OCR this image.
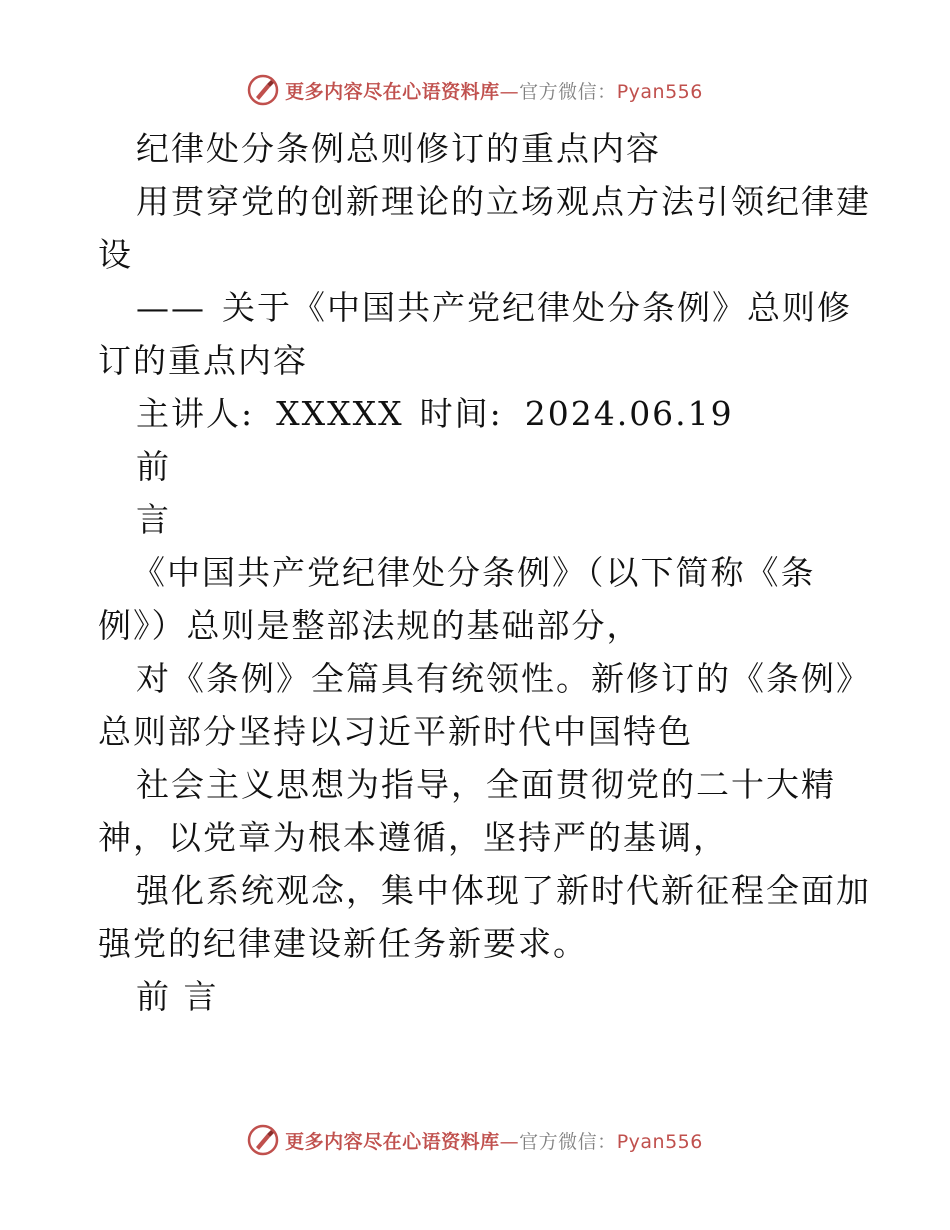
更多内容尽在心语资料库—官方微信：Pyan556
纪律处分条例总则修订的重点内容
用贯穿党的创新理论的立场观点方法引领纪律建
设
—— 关于《中国共产党纪律处分条例》总则修
订的重点内容
主讲人: XXXXX 时间: 2024.06.19
前
言
《中国共产党纪律处分条例》（以下简称《条
例》）总则是整部法规的基础部分，
对《条例》全篇具有统领性。新修订的《条例》
总则部分坚持以习近平新时代中国特色
社会主义思想为指导，全面贯彻党的二十大精
神，以党章为根本遵循，坚持严的基调，
强化系统观念，集中体现了新时代新征程全面加
强党的纪律建设新任务新要求。
前 言
更多内容尽在心语资料库—官方微信：Pyan556
